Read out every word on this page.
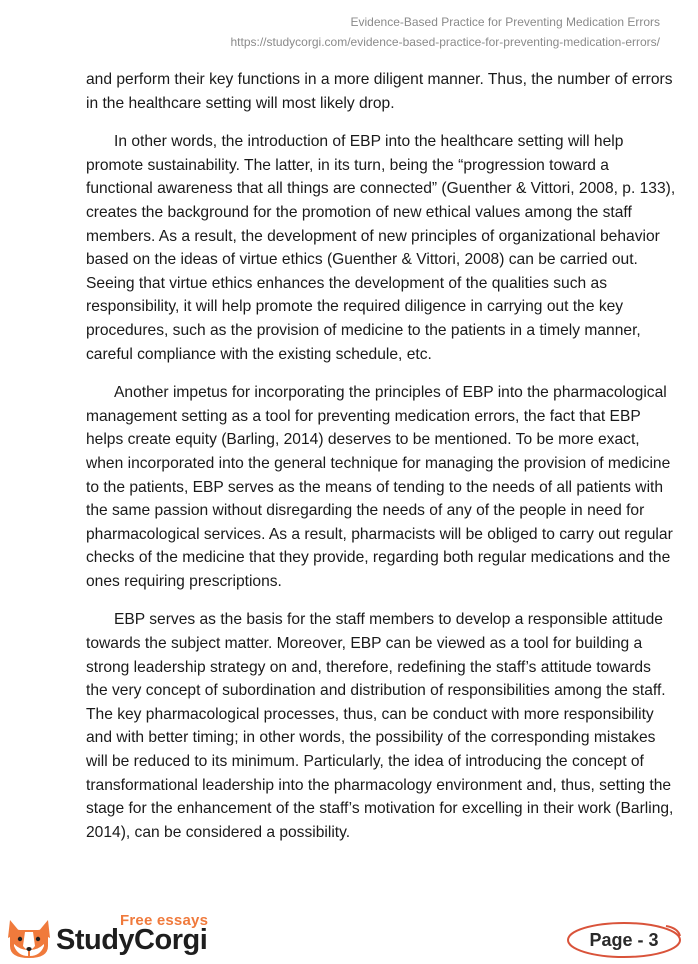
Evidence-Based Practice for Preventing Medication Errors
https://studycorgi.com/evidence-based-practice-for-preventing-medication-errors/

and perform their key functions in a more diligent manner. Thus, the number of errors in the healthcare setting will most likely drop.

In other words, the introduction of EBP into the healthcare setting will help promote sustainability. The latter, in its turn, being the “progression toward a functional awareness that all things are connected” (Guenther & Vittori, 2008, p. 133), creates the background for the promotion of new ethical values among the staff members. As a result, the development of new principles of organizational behavior based on the ideas of virtue ethics (Guenther & Vittori, 2008) can be carried out. Seeing that virtue ethics enhances the development of the qualities such as responsibility, it will help promote the required diligence in carrying out the key procedures, such as the provision of medicine to the patients in a timely manner, careful compliance with the existing schedule, etc.

Another impetus for incorporating the principles of EBP into the pharmacological management setting as a tool for preventing medication errors, the fact that EBP helps create equity (Barling, 2014) deserves to be mentioned. To be more exact, when incorporated into the general technique for managing the provision of medicine to the patients, EBP serves as the means of tending to the needs of all patients with the same passion without disregarding the needs of any of the people in need for pharmacological services. As a result, pharmacists will be obliged to carry out regular checks of the medicine that they provide, regarding both regular medications and the ones requiring prescriptions.

EBP serves as the basis for the staff members to develop a responsible attitude towards the subject matter. Moreover, EBP can be viewed as a tool for building a strong leadership strategy on and, therefore, redefining the staff’s attitude towards the very concept of subordination and distribution of responsibilities among the staff. The key pharmacological processes, thus, can be conduct with more responsibility and with better timing; in other words, the possibility of the corresponding mistakes will be reduced to its minimum. Particularly, the idea of introducing the concept of transformational leadership into the pharmacology environment and, thus, setting the stage for the enhancement of the staff’s motivation for excelling in their work (Barling, 2014), can be considered a possibility.

Free essays
StudyCorgi	Page - 3
